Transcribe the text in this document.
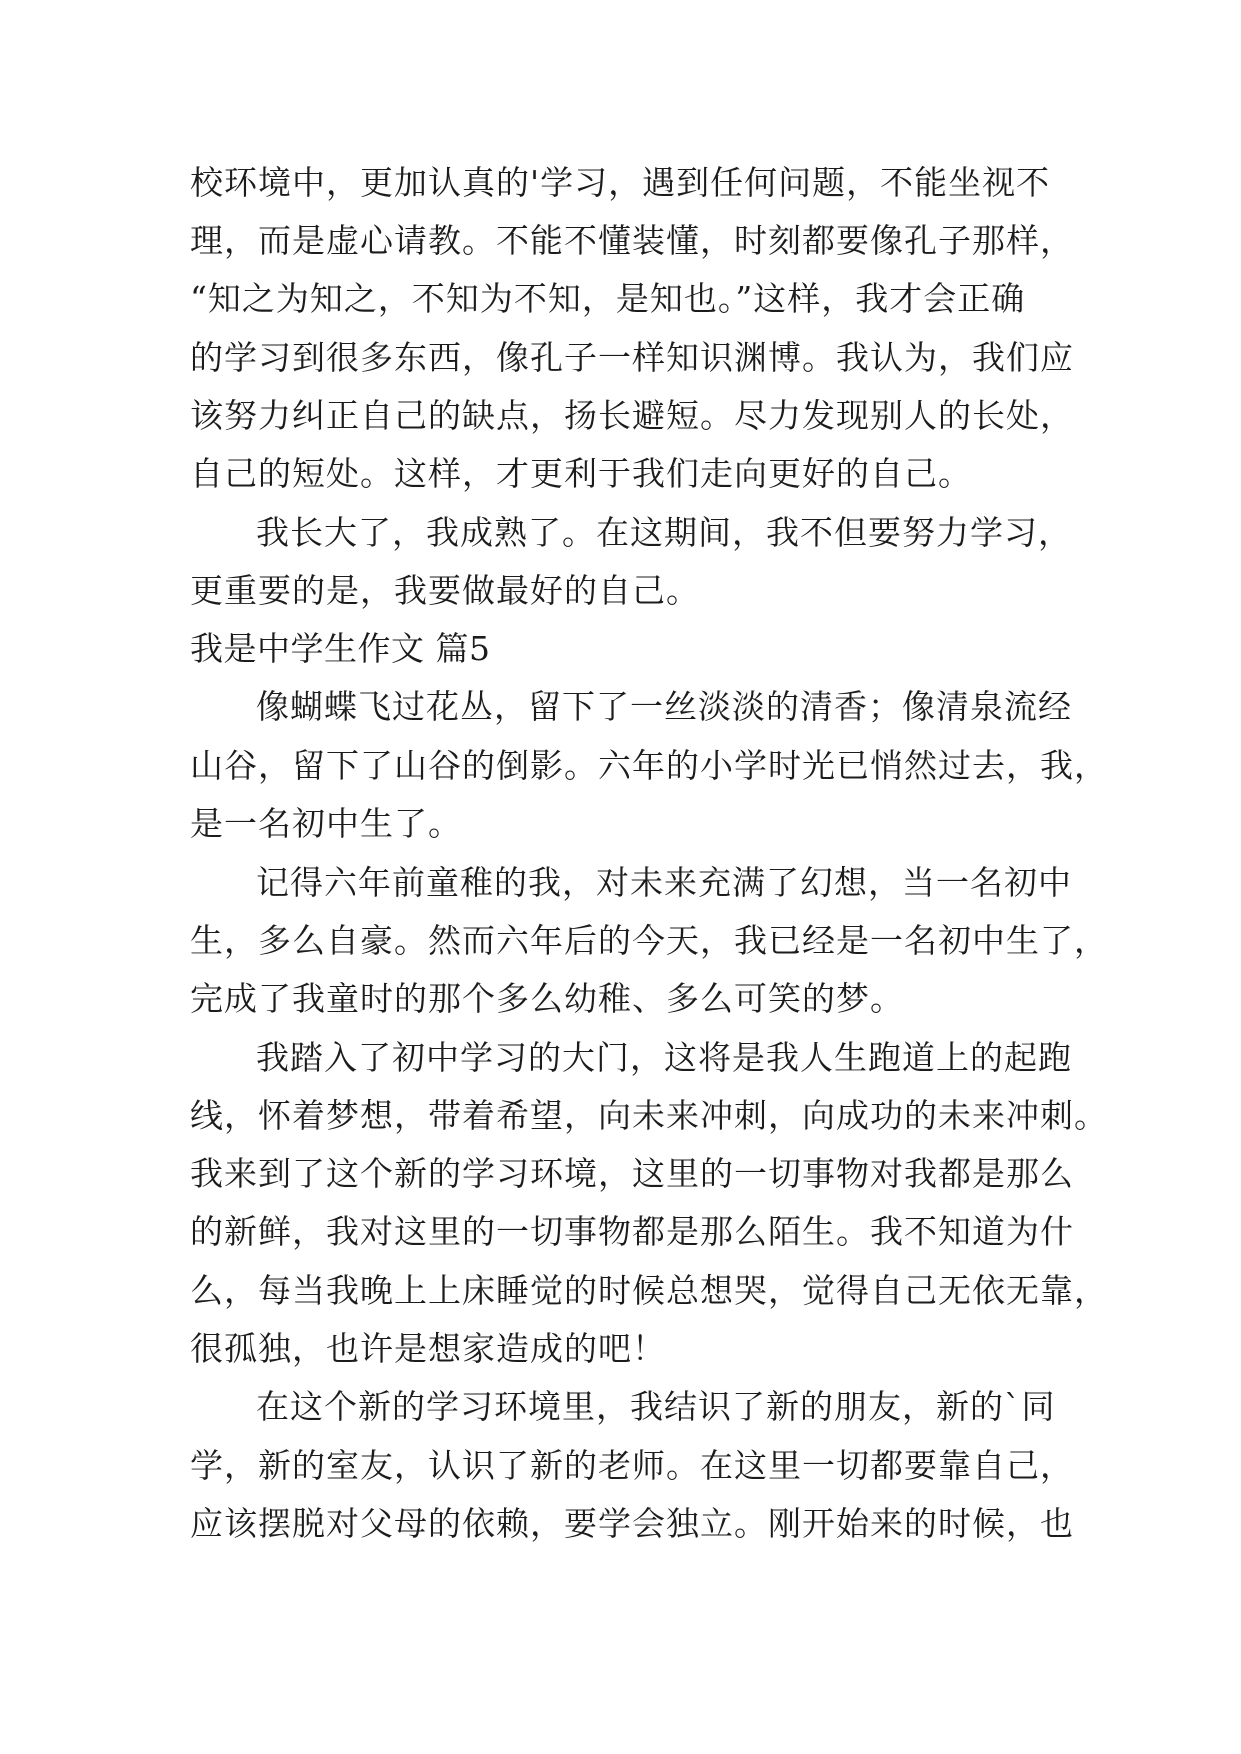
校环境中，更加认真的'学习，遇到任何问题，不能坐视不
理，而是虚心请教。不能不懂装懂，时刻都要像孔子那样，
“知之为知之，不知为不知，是知也。”这样，我才会正确
的学习到很多东西，像孔子一样知识渊博。我认为，我们应
该努力纠正自己的缺点，扬长避短。尽力发现别人的长处，
自己的短处。这样，才更利于我们走向更好的自己。
我长大了，我成熟了。在这期间，我不但要努力学习，
更重要的是，我要做最好的自己。
我是中学生作文 篇5
像蝴蝶飞过花丛，留下了一丝淡淡的清香；像清泉流经
山谷，留下了山谷的倒影。六年的小学时光已悄然过去，我，
是一名初中生了。
记得六年前童稚的我，对未来充满了幻想，当一名初中
生，多么自豪。然而六年后的今天，我已经是一名初中生了，
完成了我童时的那个多么幼稚、多么可笑的梦。
我踏入了初中学习的大门，这将是我人生跑道上的起跑
线，怀着梦想，带着希望，向未来冲刺，向成功的未来冲刺。
我来到了这个新的学习环境，这里的一切事物对我都是那么
的新鲜，我对这里的一切事物都是那么陌生。我不知道为什
么，每当我晚上上床睡觉的时候总想哭，觉得自己无依无靠，
很孤独，也许是想家造成的吧！
在这个新的学习环境里，我结识了新的朋友，新的`同
学，新的室友，认识了新的老师。在这里一切都要靠自己，
应该摆脱对父母的依赖，要学会独立。刚开始来的时候，也
